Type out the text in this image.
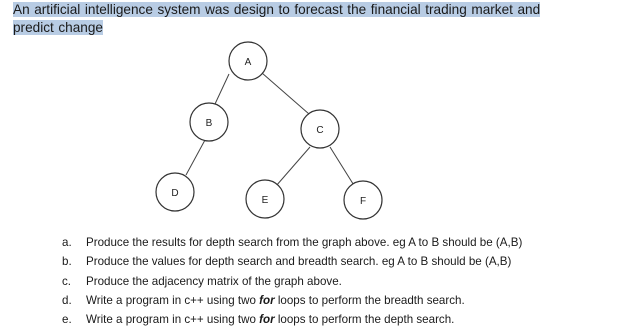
An artificial intelligence system was design to forecast the financial trading market and
predict change

A
B
C
D
E	F
a.	Produce the results for depth search from the graph above. eg A to B should be (A,B)
b.	Produce the values for depth search and breadth search. eg A to B should be (A,B)
c.	Produce the adjacency matrix of the graph above.
d.	Write a program in c++ using two for loops to perform the breadth search.
e.	Write a program in c++ using two for loops to perform the depth search.
